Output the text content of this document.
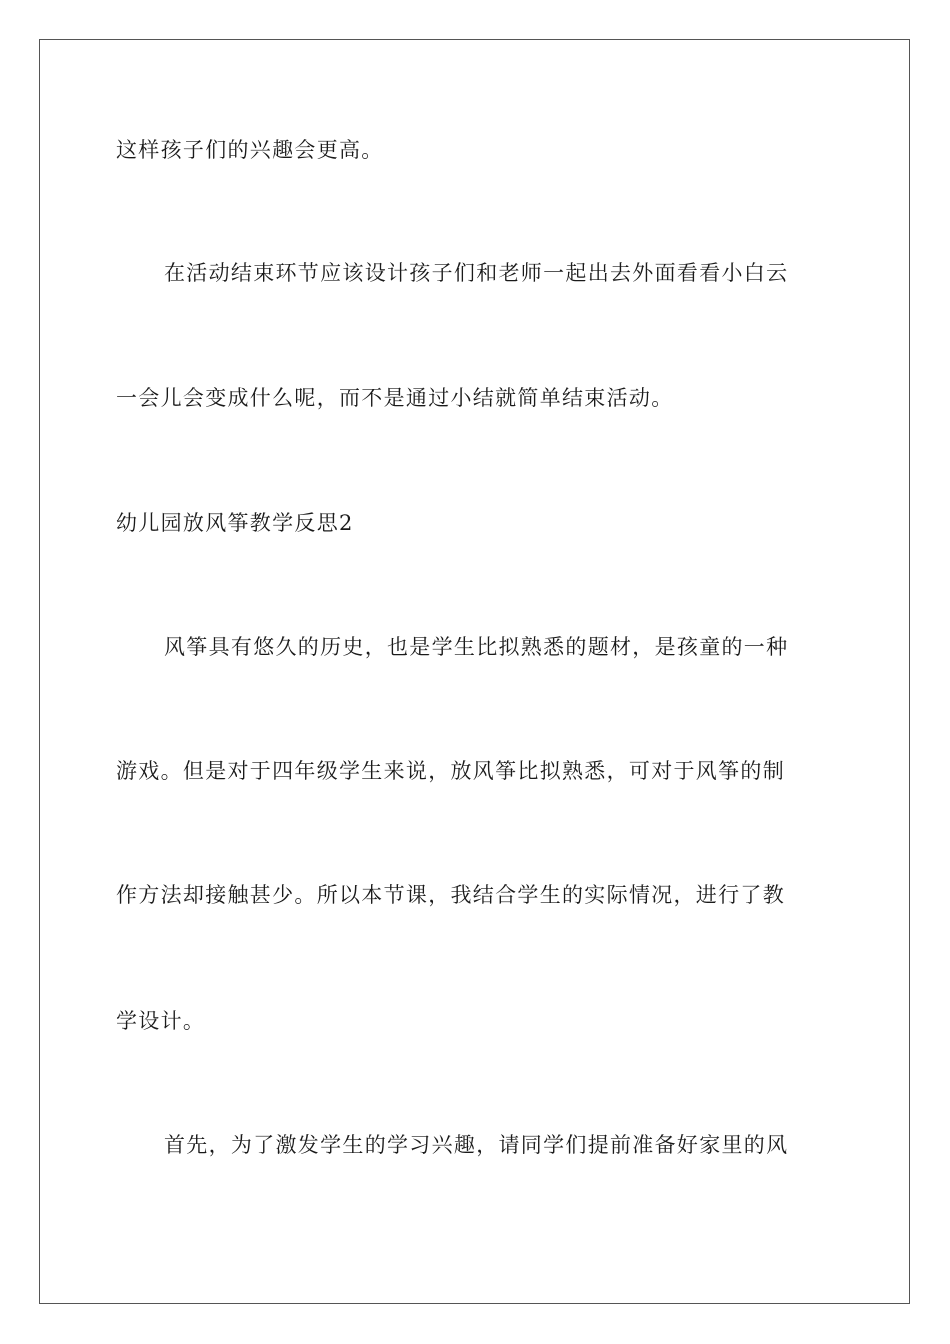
这样孩子们的兴趣会更高。
在活动结束环节应该设计孩子们和老师一起出去外面看看小白云
一会儿会变成什么呢，而不是通过小结就简单结束活动。
幼儿园放风筝教学反思2
风筝具有悠久的历史，也是学生比拟熟悉的题材，是孩童的一种
游戏。但是对于四年级学生来说，放风筝比拟熟悉，可对于风筝的制
作方法却接触甚少。所以本节课，我结合学生的实际情况，进行了教
学设计。
首先，为了激发学生的学习兴趣，请同学们提前准备好家里的风
